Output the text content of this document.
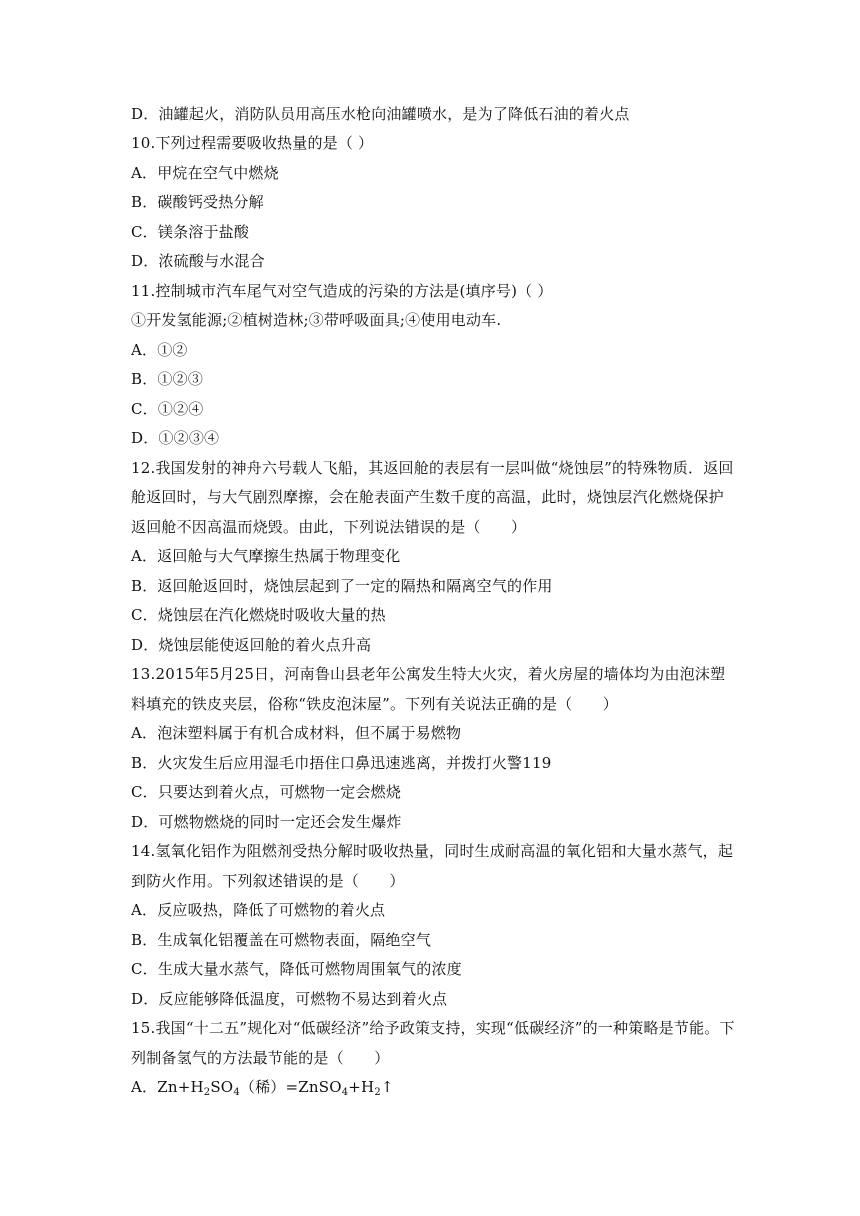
D．油罐起火，消防队员用高压水枪向油罐喷水，是为了降低石油的着火点
10.下列过程需要吸收热量的是（ ）
A．甲烷在空气中燃烧
B．碳酸钙受热分解
C．镁条溶于盐酸
D．浓硫酸与水混合
11.控制城市汽车尾气对空气造成的污染的方法是(填序号)（ ）
①开发氢能源;②植树造林;③带呼吸面具;④使用电动车.
A．①②
B．①②③
C．①②④
D．①②③④
12.我国发射的神舟六号载人飞船，其返回舱的表层有一层叫做“烧蚀层”的特殊物质．返回
舱返回时，与大气剧烈摩擦，会在舱表面产生数千度的高温，此时，烧蚀层汽化燃烧保护
返回舱不因高温而烧毁。由此，下列说法错误的是（　　）
A．返回舱与大气摩擦生热属于物理变化
B．返回舱返回时，烧蚀层起到了一定的隔热和隔离空气的作用
C．烧蚀层在汽化燃烧时吸收大量的热
D．烧蚀层能使返回舱的着火点升高
13.2015年5月25日，河南鲁山县老年公寓发生特大火灾，着火房屋的墙体均为由泡沫塑
料填充的铁皮夹层，俗称“铁皮泡沫屋”。下列有关说法正确的是（　　）
A．泡沫塑料属于有机合成材料，但不属于易燃物
B．火灾发生后应用湿毛巾捂住口鼻迅速逃离，并拨打火警119
C．只要达到着火点，可燃物一定会燃烧
D．可燃物燃烧的同时一定还会发生爆炸
14.氢氧化铝作为阻燃剂受热分解时吸收热量，同时生成耐高温的氧化铝和大量水蒸气，起
到防火作用。下列叙述错误的是（　　）
A．反应吸热，降低了可燃物的着火点
B．生成氧化铝覆盖在可燃物表面，隔绝空气
C．生成大量水蒸气，降低可燃物周围氧气的浓度
D．反应能够降低温度，可燃物不易达到着火点
15.我国“十二五”规化对“低碳经济”给予政策支持，实现“低碳经济”的一种策略是节能。下
列制备氢气的方法最节能的是（　　）
A．$Zn+H_2SO_4$（稀）$=ZnSO_4+H_2↑$
